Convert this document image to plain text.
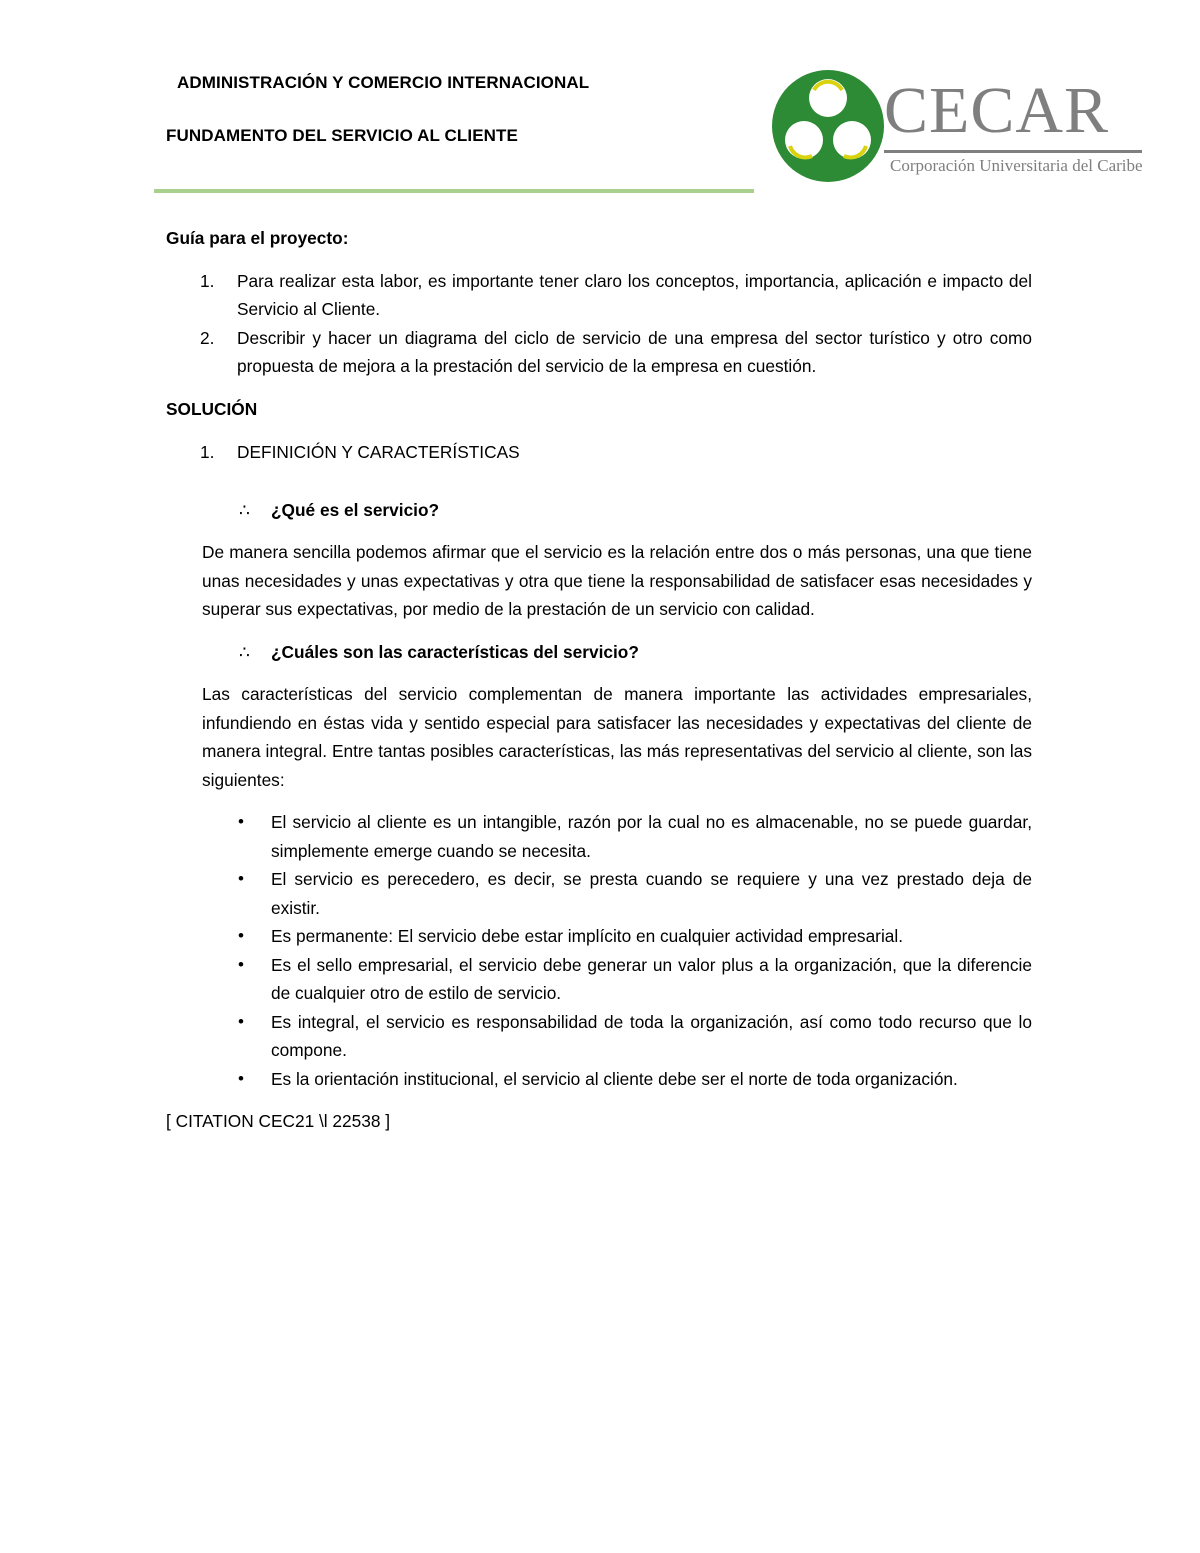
ADMINISTRACIÓN Y COMERCIO INTERNACIONAL
FUNDAMENTO DEL SERVICIO AL CLIENTE	CECAR
Corporación Universitaria del Caribe

Guía para el proyecto:

1. Para realizar esta labor, es importante tener claro los conceptos, importancia, aplicación e impacto del Servicio al Cliente.
2. Describir y hacer un diagrama del ciclo de servicio de una empresa del sector turístico y otro como propuesta de mejora a la prestación del servicio de la empresa en cuestión.

SOLUCIÓN

1. DEFINICIÓN Y CARACTERÍSTICAS

∴ ¿Qué es el servicio?

De manera sencilla podemos afirmar que el servicio es la relación entre dos o más personas, una que tiene unas necesidades y unas expectativas y otra que tiene la responsabilidad de satisfacer esas necesidades y superar sus expectativas, por medio de la prestación de un servicio con calidad.

∴ ¿Cuáles son las características del servicio?

Las características del servicio complementan de manera importante las actividades empresariales, infundiendo en éstas vida y sentido especial para satisfacer las necesidades y expectativas del cliente de manera integral. Entre tantas posibles características, las más representativas del servicio al cliente, son las siguientes:

• El servicio al cliente es un intangible, razón por la cual no es almacenable, no se puede guardar, simplemente emerge cuando se necesita.
• El servicio es perecedero, es decir, se presta cuando se requiere y una vez prestado deja de existir.
• Es permanente: El servicio debe estar implícito en cualquier actividad empresarial.
• Es el sello empresarial, el servicio debe generar un valor plus a la organización, que la diferencie de cualquier otro de estilo de servicio.
• Es integral, el servicio es responsabilidad de toda la organización, así como todo recurso que lo compone.
• Es la orientación institucional, el servicio al cliente debe ser el norte de toda organización.

[ CITATION CEC21 \l 22538 ]
